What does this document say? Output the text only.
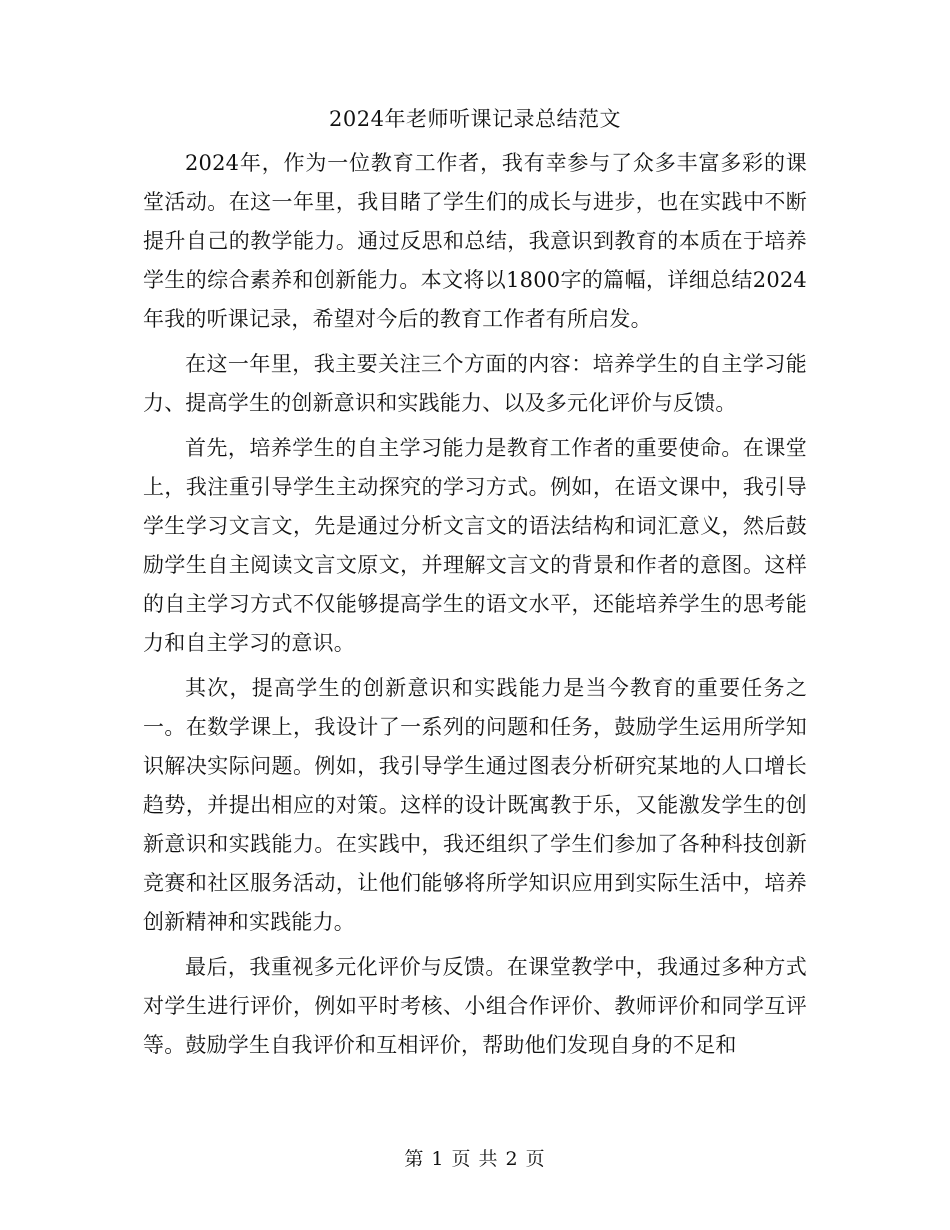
2024年老师听课记录总结范文

2024年，作为一位教育工作者，我有幸参与了众多丰富多彩的课堂活动。在这一年里，我目睹了学生们的成长与进步，也在实践中不断提升自己的教学能力。通过反思和总结，我意识到教育的本质在于培养学生的综合素养和创新能力。本文将以1800字的篇幅，详细总结2024年我的听课记录，希望对今后的教育工作者有所启发。

在这一年里，我主要关注三个方面的内容：培养学生的自主学习能力、提高学生的创新意识和实践能力、以及多元化评价与反馈。

首先，培养学生的自主学习能力是教育工作者的重要使命。在课堂上，我注重引导学生主动探究的学习方式。例如，在语文课中，我引导学生学习文言文，先是通过分析文言文的语法结构和词汇意义，然后鼓励学生自主阅读文言文原文，并理解文言文的背景和作者的意图。这样的自主学习方式不仅能够提高学生的语文水平，还能培养学生的思考能力和自主学习的意识。

其次，提高学生的创新意识和实践能力是当今教育的重要任务之一。在数学课上，我设计了一系列的问题和任务，鼓励学生运用所学知识解决实际问题。例如，我引导学生通过图表分析研究某地的人口增长趋势，并提出相应的对策。这样的设计既寓教于乐，又能激发学生的创新意识和实践能力。在实践中，我还组织了学生们参加了各种科技创新竞赛和社区服务活动，让他们能够将所学知识应用到实际生活中，培养创新精神和实践能力。

最后，我重视多元化评价与反馈。在课堂教学中，我通过多种方式对学生进行评价，例如平时考核、小组合作评价、教师评价和同学互评等。鼓励学生自我评价和互相评价，帮助他们发现自身的不足和

第 1 页 共 2 页
